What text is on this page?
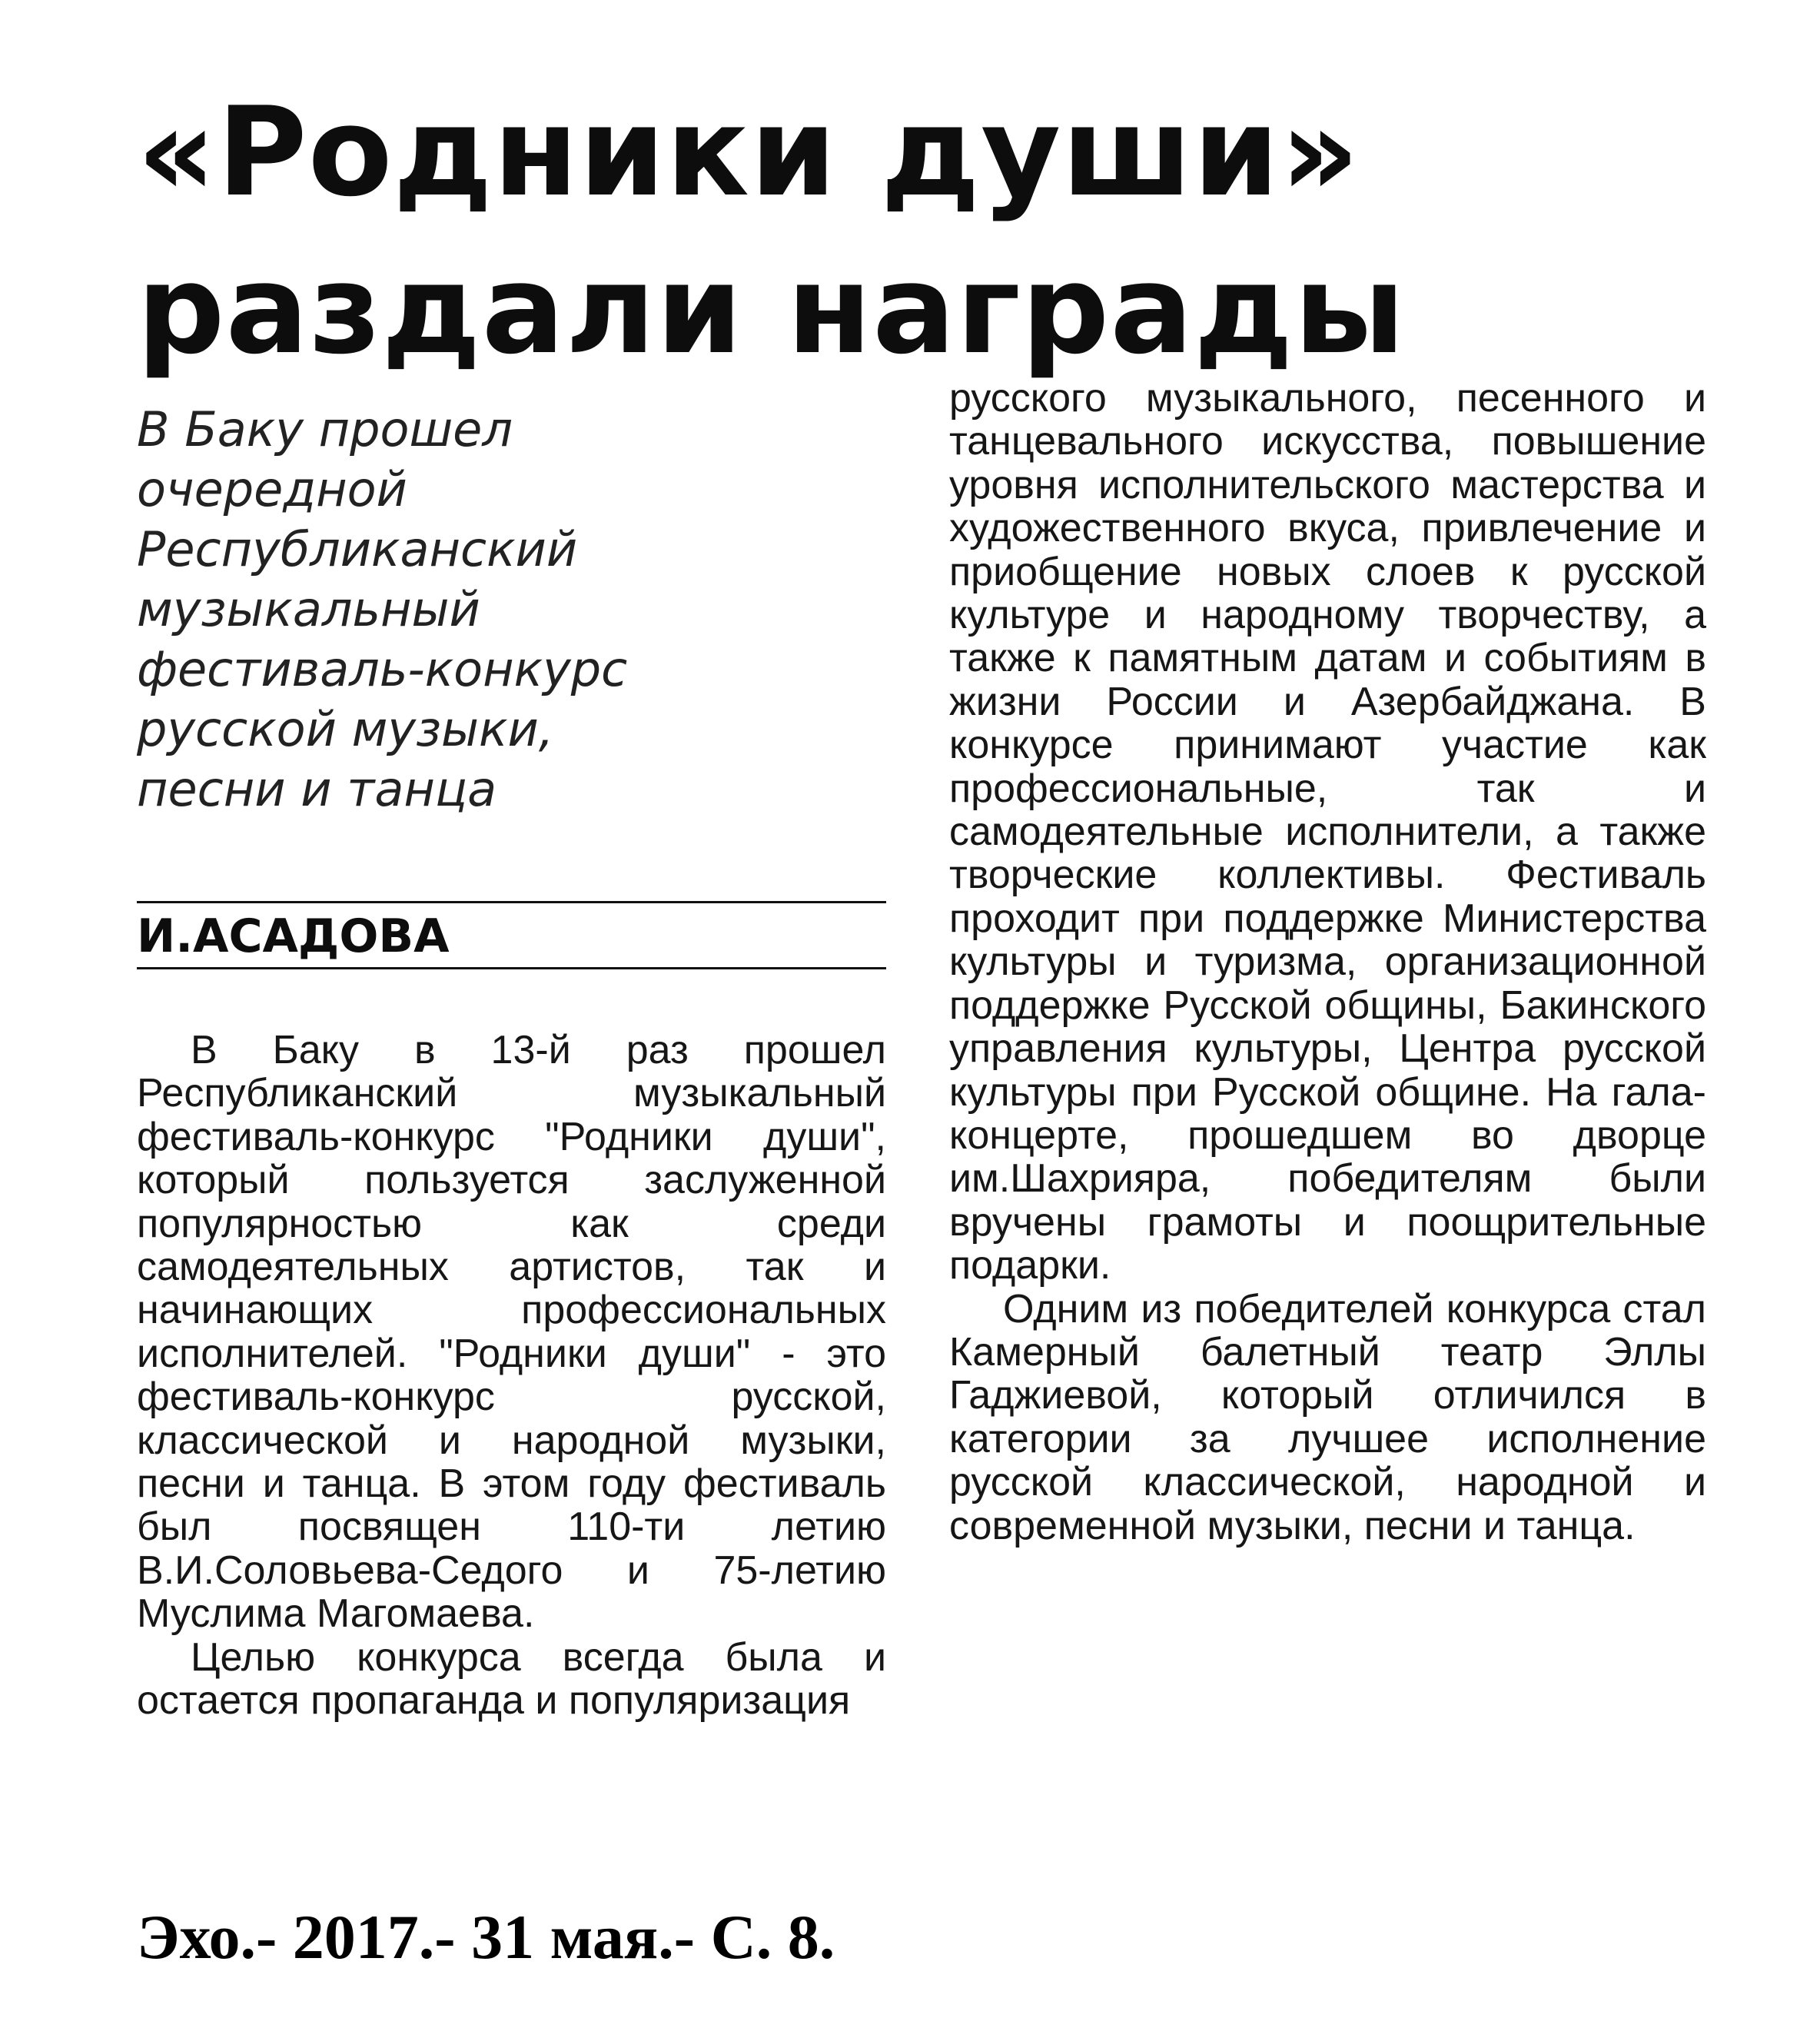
«Родники души»
раздали награды
В Баку прошел
очередной
Республиканский
музыкальный
фестиваль-конкурс
русской музыки,
песни и танца
И.АСАДОВА

В Баку в 13-й раз прошел Республиканский музыкальный фестиваль-конкурс "Родники души", который пользуется заслуженной популярностью как среди самодеятельных артистов, так и начинающих профессиональных исполнителей. "Родники души" - это фестиваль-конкурс русской, классической и народной музыки, песни и танца. В этом году фестиваль был посвящен 110-ти летию В.И.Соловьева-Седого и 75-летию Муслима Магомаева.

Целью конкурса всегда была и остается пропаганда и популяризация

русского музыкального, песенного и танцевального искусства, повышение уровня исполнительского мастерства и художественного вкуса, привлечение и приобщение новых слоев к русской культуре и народному творчеству, а также к памятным датам и событиям в жизни России и Азербайджана. В конкурсе принимают участие как профессиональные, так и самодеятельные исполнители, а также творческие коллективы. Фестиваль проходит при поддержке Министерства культуры и туризма, организационной поддержке Русской общины, Бакинского управления культуры, Центра русской культуры при Русской общине. На гала-концерте, прошедшем во дворце им.Шахрияра, победителям были вручены грамоты и поощрительные подарки.

Одним из победителей конкурса стал Камерный балетный театр Эллы Гаджиевой, который отличился в категории за лучшее исполнение русской классической, народной и современной музыки, песни и танца.

Эхо.- 2017.- 31 мая.- С. 8.
